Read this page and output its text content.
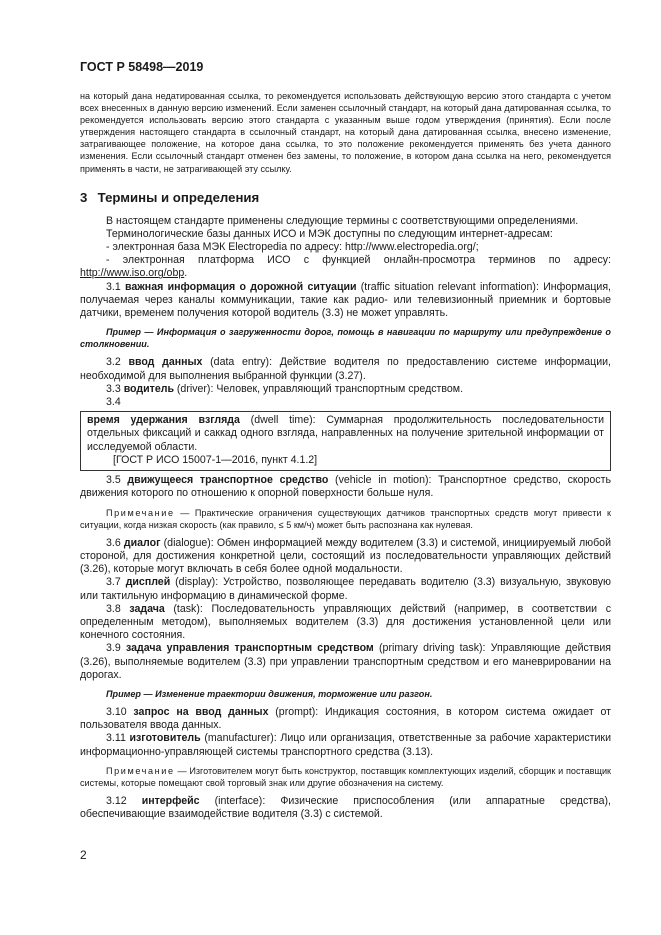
ГОСТ Р 58498—2019

на который дана недатированная ссылка, то рекомендуется использовать действующую версию этого стандарта с учетом всех внесенных в данную версию изменений. Если заменен ссылочный стандарт, на который дана датированная ссылка, то рекомендуется использовать версию этого стандарта с указанным выше годом утверждения (принятия). Если после утверждения настоящего стандарта в ссылочный стандарт, на который дана датированная ссылка, внесено изменение, затрагивающее положение, на которое дана ссылка, то это положение рекомендуется применять без учета данного изменения. Если ссылочный стандарт отменен без замены, то положение, в котором дана ссылка на него, рекомендуется применять в части, не затрагивающей эту ссылку.

3 Термины и определения

В настоящем стандарте применены следующие термины с соответствующими определениями.

Терминологические базы данных ИСО и МЭК доступны по следующим интернет-адресам:

- электронная база МЭК Electropedia по адресу: http://www.electropedia.org/;

- электронная платформа ИСО с функцией онлайн-просмотра терминов по адресу: http://www.iso.org/obp.

3.1 важная информация о дорожной ситуации (traffic situation relevant information): Информация, получаемая через каналы коммуникации, такие как радио- или телевизионный приемник и бортовые датчики, временем получения которой водитель (3.3) не может управлять.

Пример — Информация о загруженности дорог, помощь в навигации по маршруту или предупреждение о столкновении.

3.2 ввод данных (data entry): Действие водителя по предоставлению системе информации, необходимой для выполнения выбранной функции (3.27).

3.3 водитель (driver): Человек, управляющий транспортным средством.

3.4

время удержания взгляда (dwell time): Суммарная продолжительность последовательности отдельных фиксаций и саккад одного взгляда, направленных на получение зрительной информации от исследуемой области.

[ГОСТ Р ИСО 15007-1—2016, пункт 4.1.2]

3.5 движущееся транспортное средство (vehicle in motion): Транспортное средство, скорость движения которого по отношению к опорной поверхности больше нуля.

Примечание — Практические ограничения существующих датчиков транспортных средств могут привести к ситуации, когда низкая скорость (как правило, ≤ 5 км/ч) может быть распознана как нулевая.

3.6 диалог (dialogue): Обмен информацией между водителем (3.3) и системой, инициируемый любой стороной, для достижения конкретной цели, состоящий из последовательности управляющих действий (3.26), которые могут включать в себя более одной модальности.

3.7 дисплей (display): Устройство, позволяющее передавать водителю (3.3) визуальную, звуковую или тактильную информацию в динамической форме.

3.8 задача (task): Последовательность управляющих действий (например, в соответствии с определенным методом), выполняемых водителем (3.3) для достижения установленной цели или конечного состояния.

3.9 задача управления транспортным средством (primary driving task): Управляющие действия (3.26), выполняемые водителем (3.3) при управлении транспортным средством и его маневрировании на дорогах.

Пример — Изменение траектории движения, торможение или разгон.

3.10 запрос на ввод данных (prompt): Индикация состояния, в котором система ожидает от пользователя ввода данных.

3.11 изготовитель (manufacturer): Лицо или организация, ответственные за рабочие характеристики информационно-управляющей системы транспортного средства (3.13).

Примечание — Изготовителем могут быть конструктор, поставщик комплектующих изделий, сборщик и поставщик системы, которые помещают свой торговый знак или другие обозначения на систему.

3.12 интерфейс (interface): Физические приспособления (или аппаратные средства), обеспечивающие взаимодействие водителя (3.3) с системой.

2
